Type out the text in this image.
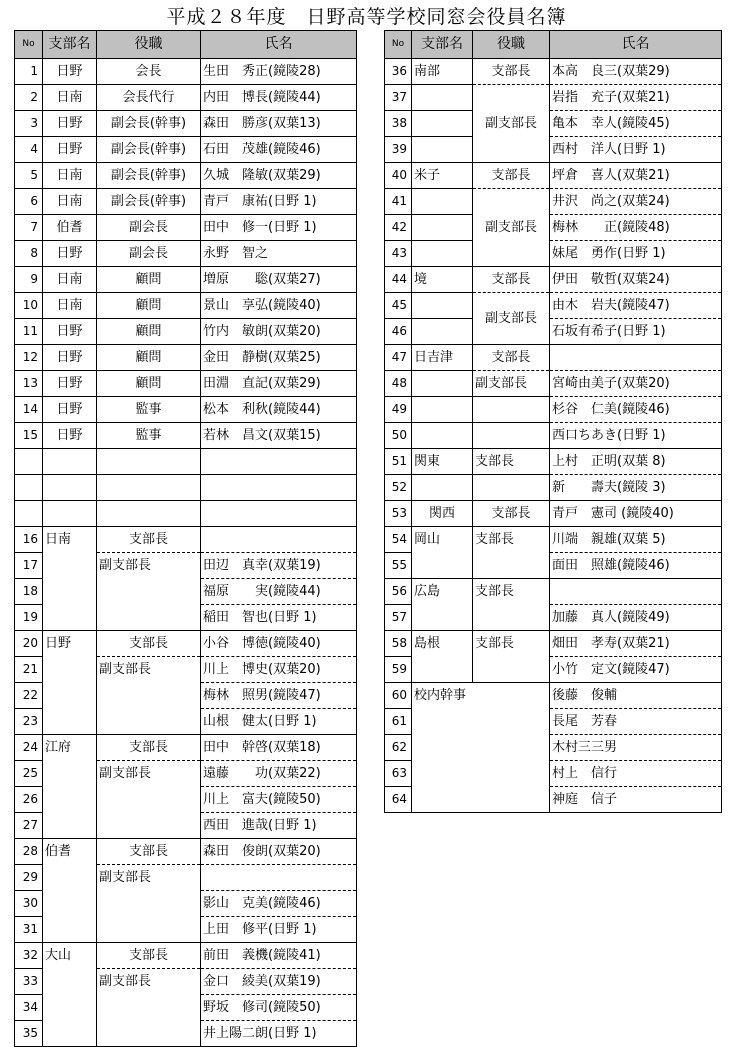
平成２８年度　日野高等学校同窓会役員名簿
No	支部名	役職	氏名
1	日野	会長	生田　秀正(鏡陵28)
2	日南	会長代行	内田　博長(鏡陵44)
3	日野	副会長(幹事)	森田　勝彦(双葉13)
4	日野	副会長(幹事)	石田　茂雄(鏡陵46)
5	日南	副会長(幹事)	久城　隆敏(双葉29)
6	日南	副会長(幹事)	青戸　康祐(日野 1)
7	伯耆	副会長	田中　修一(日野 1)
8	日野	副会長	永野　智之
9	日南	顧問	増原　　聡(双葉27)
10	日南	顧問	景山　享弘(鏡陵40)
11	日野	顧問	竹内　敏朗(双葉20)
12	日野	顧問	金田　静樹(双葉25)
13	日野	顧問	田淵　直記(双葉29)
14	日野	監事	松本　利秋(鏡陵44)
15	日野	監事	若林　昌文(双葉15)

16	日南	支部長	
17		副支部長	田辺　真幸(双葉19)
18			福原　　実(鏡陵44)
19			稲田　智也(日野 1)
20	日野	支部長	小谷　博徳(鏡陵40)
21		副支部長	川上　博史(双葉20)
22			梅林　照男(鏡陵47)
23			山根　健太(日野 1)
24	江府	支部長	田中　幹啓(双葉18)
25		副支部長	遠藤　　功(双葉22)
26			川上　富夫(鏡陵50)
27			西田　進哉(日野 1)
28	伯耆	支部長	森田　俊朗(双葉20)
29		副支部長	
30			影山　克美(鏡陵46)
31			上田　修平(日野 1)
32	大山	支部長	前田　義機(鏡陵41)
33		副支部長	金口　綾美(双葉19)
34			野坂　修司(鏡陵50)
35			井上陽二朗(日野 1)
No	支部名	役職	氏名
36	南部	支部長	本高　良三(双葉29)
37		副支部長	岩指　充子(双葉21)
38			亀本　幸人(鏡陵45)
39			西村　洋人(日野 1)
40	米子	支部長	坪倉　喜人(双葉21)
41		副支部長	井沢　尚之(双葉24)
42			梅林　　正(鏡陵48)
43			妹尾　勇作(日野 1)
44	境	支部長	伊田　敬哲(双葉24)
45		副支部長	由木　岩夫(鏡陵47)
46			石坂有希子(日野 1)
47	日吉津	支部長	
48		副支部長	宮崎由美子(双葉20)
49			杉谷　仁美(鏡陵46)
50			西口ちあき(日野 1)
51	関東	支部長	上村　正明(双葉 8)
52			新　　壽夫(鏡陵 3)
53	関西	支部長	青戸　憲司 (鏡陵40)
54	岡山	支部長	川端　親雄(双葉 5)
55			面田　照雄(鏡陵46)
56	広島	支部長	
57			加藤　真人(鏡陵49)
58	島根	支部長	畑田　孝寿(双葉21)
59			小竹　定文(鏡陵47)
60	校内幹事		後藤　俊輔
61			長尾　芳春
62			木村三三男
63			村上　信行
64			神庭　信子
